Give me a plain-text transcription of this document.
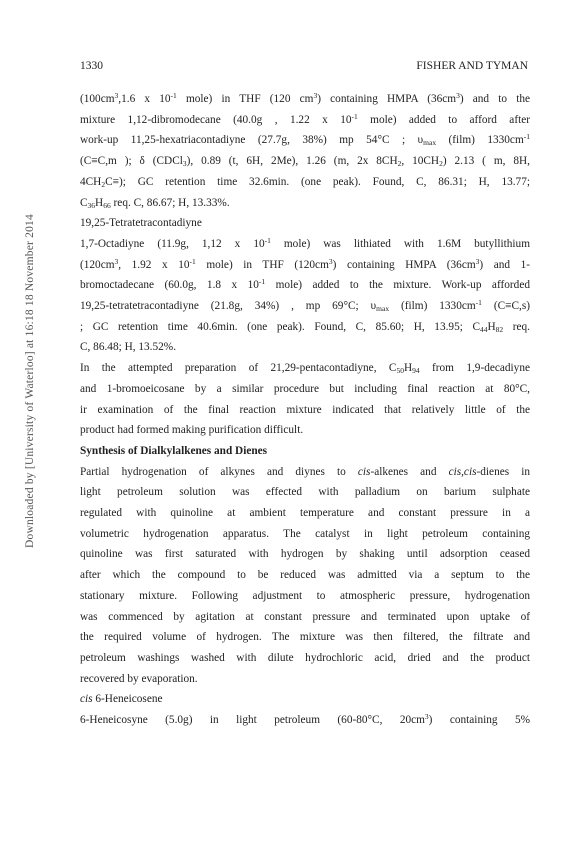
Downloaded by [University of Waterloo] at 16:18 18 November 2014
1330	FISHER AND TYMAN
($100cm^3,1.6$ x $10^{-1}$ mole) in THF (120 $cm^3$) containing HMPA $(36cm^3)$ and to the
mixture 1,12-dibromodecane (40.0g , 1.22 x $10^{-1}$ mole) added to afford after
work-up 11,25-hexatriacontadiyne (27.7g, 38%) mp 54°C ; $\upsilon_{max}$ (film) $1330cm^{-1}$
(C≡C,m ); δ (CDCl$_3$), 0.89 (t, 6H, 2Me), 1.26 (m, 2x $8CH_2$, $10CH_2$) 2.13 ( m, 8H,
$4CH_2C\equiv$); GC retention time 32.6min. (one peak). Found, C, 86.31; H, 13.77;
$C_{36}H_{66}$ req. C, 86.67; H, 13.33%.
19,25-Tetratetracontadiyne
1,7-Octadiyne (11.9g, 1,12 x $10^{-1}$ mole) was lithiated with 1.6M butyllithium
($120cm^3$, 1.92 x $10^{-1}$ mole) in THF $(120cm^3)$ containing HMPA $(36cm^3)$ and 1-
bromoctadecane (60.0g, 1.8 x $10^{-1}$ mole) added to the mixture. Work-up afforded
19,25-tetratetracontadiyne (21.8g, 34%) , mp 69°C; $\upsilon_{max}$ (film) $1330cm^{-1}$ (C≡C,s)
; GC retention time 40.6min. (one peak). Found, C, 85.60; H, 13.95; $C_{44}H_{82}$ req.
C, 86.48; H, 13.52%.
In the attempted preparation of 21,29-pentacontadiyne, $C_{50}H_{94}$ from 1,9-decadiyne
and 1-bromoeicosane by a similar procedure but including final reaction at 80°C,
ir examination of the final reaction mixture indicated that relatively little of the
product had formed making purification difficult.
Synthesis of Dialkylalkenes and Dienes
Partial hydrogenation of alkynes and diynes to cis-alkenes and cis,cis-dienes in
light petroleum solution was effected with palladium on barium sulphate
regulated with quinoline at ambient temperature and constant pressure in a
volumetric hydrogenation apparatus. The catalyst in light petroleum containing
quinoline was first saturated with hydrogen by shaking until adsorption ceased
after which the compound to be reduced was admitted via a septum to the
stationary mixture. Following adjustment to atmospheric pressure, hydrogenation
was commenced by agitation at constant pressure and terminated upon uptake of
the required volume of hydrogen. The mixture was then filtered, the filtrate and
petroleum washings washed with dilute hydrochloric acid, dried and the product
recovered by evaporation.
cis 6-Heneicosene
6-Heneicosyne (5.0g) in light petroleum (60-80°C, $20cm^3$) containing 5%
